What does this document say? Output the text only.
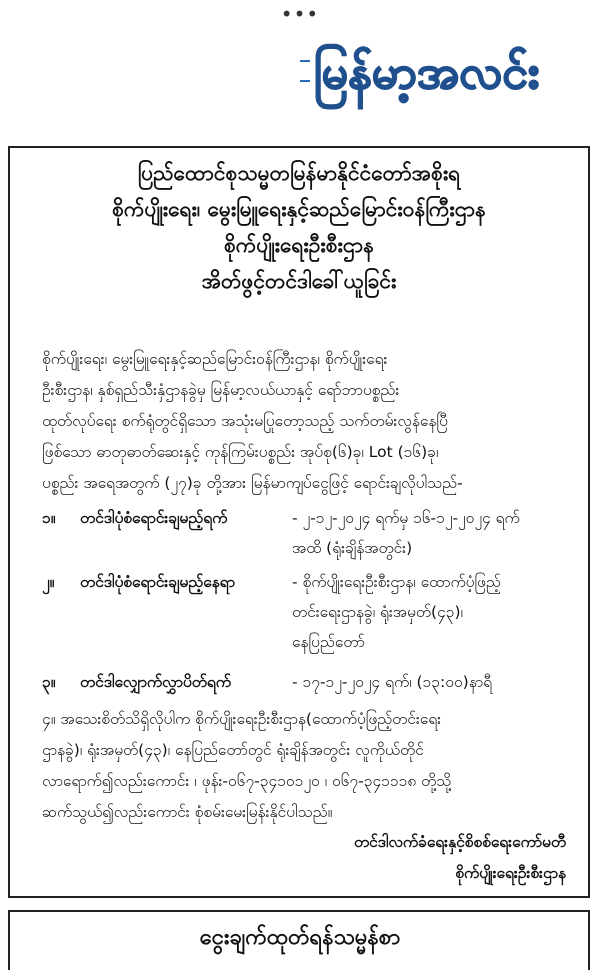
•••
မြန်မာ့အလင်း
ပြည်ထောင်စုသမ္မတမြန်မာနိုင်ငံတော်အစိုးရ
စိုက်ပျိုးရေး၊ မွေးမြူရေးနှင့်ဆည်မြောင်းဝန်ကြီးဌာန
စိုက်ပျိုးရေးဦးစီးဌာန
အိတ်ဖွင့်တင်ဒါခေါ်ယူခြင်း
စိုက်ပျိုးရေး၊ မွေးမြူရေးနှင့်ဆည်မြောင်းဝန်ကြီးဌာန၊ စိုက်ပျိုးရေး
ဦးစီးဌာန၊ နှစ်ရှည်သီးနှံဌာနခွဲမှ မြန်မာ့လယ်ယာနှင့် ရော်ဘာပစ္စည်း
ထုတ်လုပ်ရေး စက်ရုံတွင်ရှိသော အသုံးမပြုတော့သည့် သက်တမ်းလွန်နေပြီ
ဖြစ်သော ဓာတုဓာတ်ဆေးနှင့် ကုန်ကြမ်းပစ္စည်း အုပ်စု(၆)ခု၊ Lot (၁၆)ခု၊
ပစ္စည်း အရေအတွက် (၂၇)ခု တို့အား မြန်မာကျပ်ငွေဖြင့် ရောင်းချလိုပါသည်-
၁။ တင်ဒါပုံစံရောင်းချမည့်ရက်	- ၂-၁၂-၂၀၂၄ ရက်မှ ၁၆-၁၂-၂၀၂၄ ရက်
အထိ (ရုံးချိန်အတွင်း)
၂။ တင်ဒါပုံစံရောင်းချမည့်နေရာ	- စိုက်ပျိုးရေးဦးစီးဌာန၊ ထောက်ပံ့ဖြည့်
တင်းရေးဌာနခွဲ၊ ရုံးအမှတ်(၄၃)၊
နေပြည်တော်
၃။ တင်ဒါလျှောက်လွှာပိတ်ရက်	- ၁၇-၁၂-၂၀၂၄ ရက်၊ (၁၃:၀၀)နာရီ
၄။ အသေးစိတ်သိရှိလိုပါက စိုက်ပျိုးရေးဦးစီးဌာန(ထောက်ပံ့ဖြည့်တင်းရေး
ဌာနခွဲ)၊ ရုံးအမှတ်(၄၃)၊ နေပြည်တော်တွင် ရုံးချိန်အတွင်း လူကိုယ်တိုင်
လာရောက်၍လည်းကောင်း ၊ ဖုန်း-၀၆၇-၃၄၁၀၁၂၀ ၊ ၀၆၇-၃၄၁၁၁၈ တို့သို့
ဆက်သွယ်၍လည်းကောင်း စုံစမ်းမေးမြန်းနိုင်ပါသည်။
တင်ဒါလက်ခံရေးနှင့်စိစစ်ရေးကော်မတီ
စိုက်ပျိုးရေးဦးစီးဌာန
ငွေးချက်ထုတ်ရန်သမ္မန်စာ
